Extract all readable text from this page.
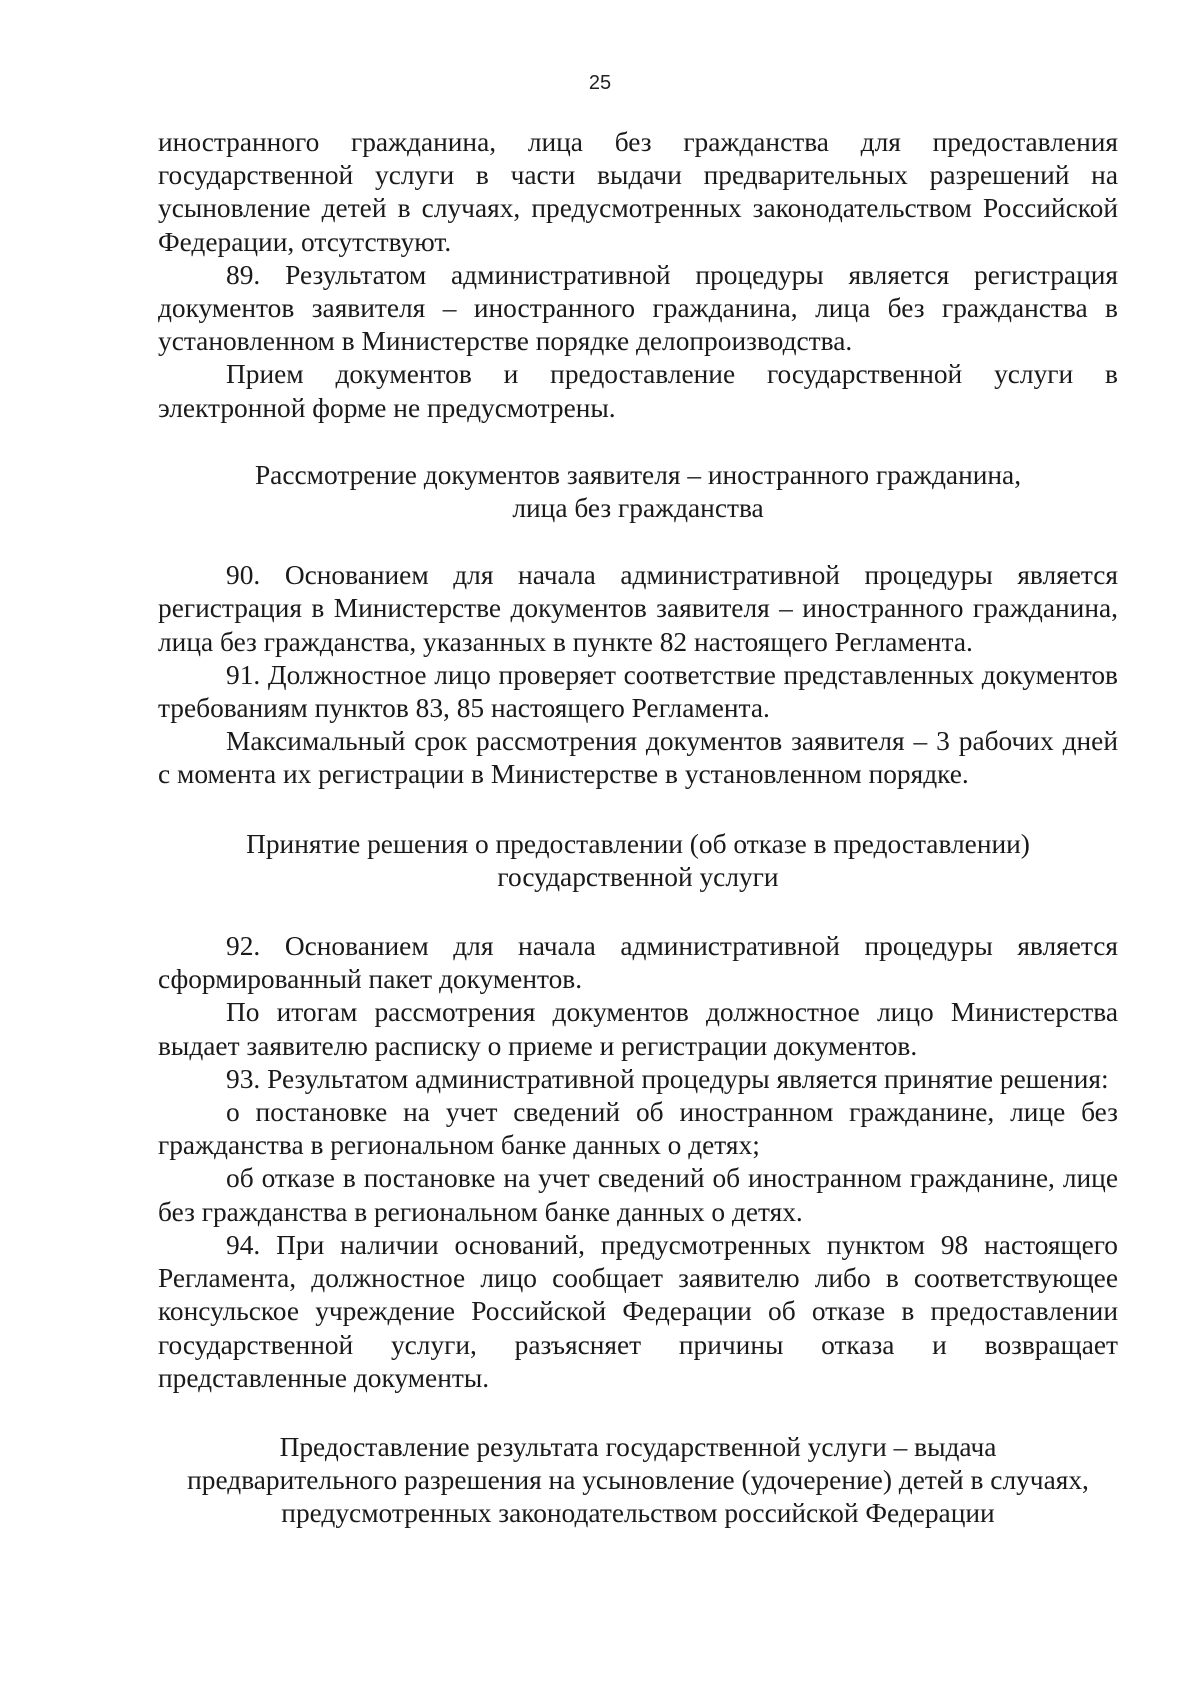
25

иностранного гражданина, лица без гражданства для предоставления государственной услуги в части выдачи предварительных разрешений на усыновление детей в случаях, предусмотренных законодательством Российской Федерации, отсутствуют.

89. Результатом административной процедуры является регистрация документов заявителя – иностранного гражданина, лица без гражданства в установленном в Министерстве порядке делопроизводства.

Прием документов и предоставление государственной услуги в электронной форме не предусмотрены.

Рассмотрение документов заявителя – иностранного гражданина,
лица без гражданства

90. Основанием для начала административной процедуры является регистрация в Министерстве документов заявителя – иностранного гражданина, лица без гражданства, указанных в пункте 82 настоящего Регламента.

91. Должностное лицо проверяет соответствие представленных документов требованиям пунктов 83, 85 настоящего Регламента.

Максимальный срок рассмотрения документов заявителя – 3 рабочих дней с момента их регистрации в Министерстве в установленном порядке.

Принятие решения о предоставлении (об отказе в предоставлении)
государственной услуги

92. Основанием для начала административной процедуры является сформированный пакет документов.

По итогам рассмотрения документов должностное лицо Министерства выдает заявителю расписку о приеме и регистрации документов.

93. Результатом административной процедуры является принятие решения:

о постановке на учет сведений об иностранном гражданине, лице без гражданства в региональном банке данных о детях;

об отказе в постановке на учет сведений об иностранном гражданине, лице без гражданства в региональном банке данных о детях.

94. При наличии оснований, предусмотренных пунктом 98 настоящего Регламента, должностное лицо сообщает заявителю либо в соответствующее консульское учреждение Российской Федерации об отказе в предоставлении государственной услуги, разъясняет причины отказа и возвращает представленные документы.

Предоставление результата государственной услуги – выдача
предварительного разрешения на усыновление (удочерение) детей в случаях,
предусмотренных законодательством российской Федерации
